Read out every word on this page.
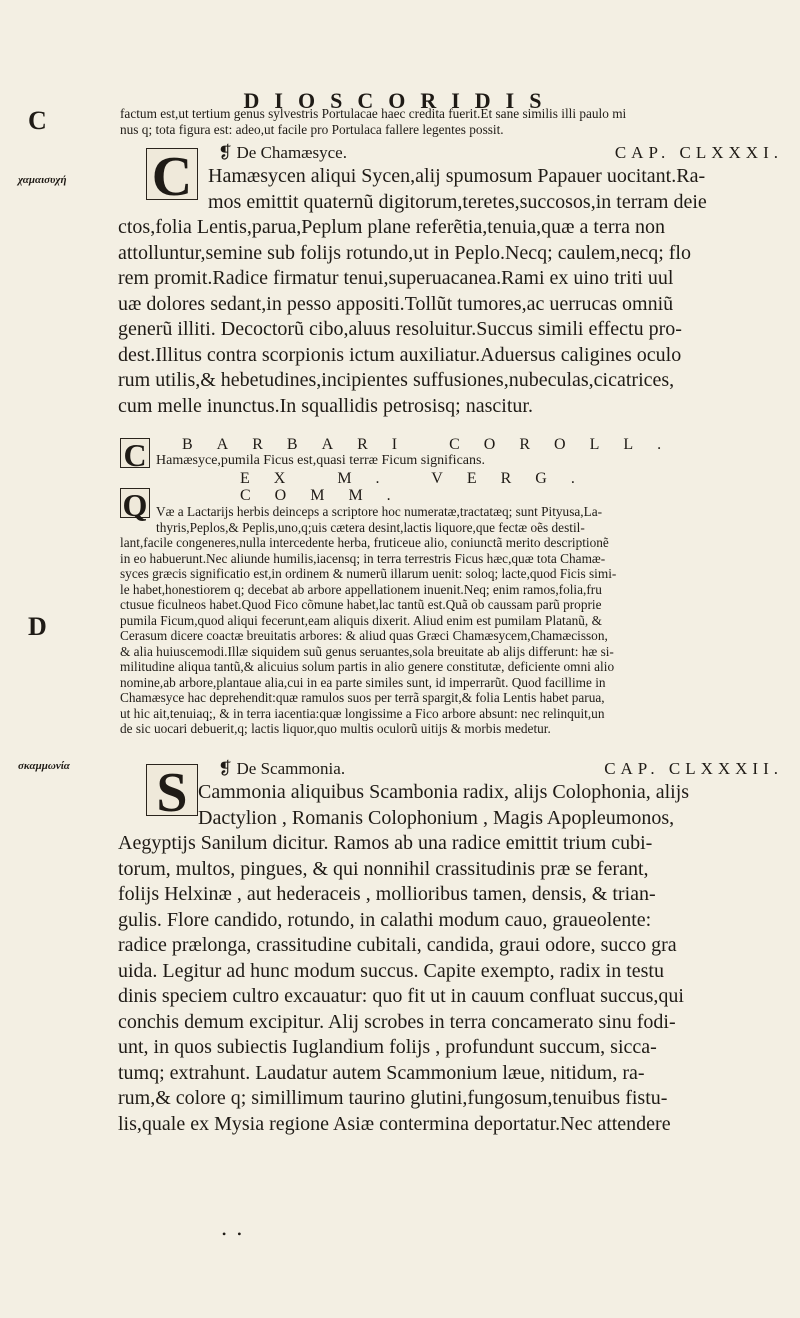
DIOSCORIDIS
C
χαμαισυχή
D
σκαμμωνία
factum est,ut tertium genus sylvestris Portulacae haec credita fuerit.Et sane similis illi paulo mi
nus q; tota figura est: adeo,ut facile pro Portulaca fallere legentes possit.
❡ De Chamæsyce.	CAP. CLXXXI.
C Hamæsycen aliqui Sycen,alij spumosum Papauer uocitant.Ra-
mos emittit quaternũ digitorum,teretes,succosos,in terram deie
ctos,folia Lentis,parua,Peplum plane referẽtia,tenuia,quæ a terra non
attolluntur,semine sub folijs rotundo,ut in Peplo.Necq; caulem,necq; flo
rem promit.Radice firmatur tenui,superuacanea.Rami ex uino triti uul
uæ dolores sedant,in pesso appositi.Tollũt tumores,ac uerrucas omniũ
generũ illiti. Decoctorũ cibo,aluus resoluitur.Succus simili effectu pro-
dest.Illitus contra scorpionis ictum auxiliatur.Aduersus caligines oculo
rum utilis,& hebetudines,incipientes suffusiones,nubeculas,cicatrices,
cum melle inunctus.In squallidis petrosisq; nascitur.
C	BARBARI COROLL.
Hamæsyce,pumila Ficus est,quasi terræ Ficum significans.
EX M. VERG. COMM.
Q Væ a Lactarijs herbis deinceps a scriptore hoc numeratæ,tractatæq; sunt Pityusa,La-
thyris,Peplos,& Peplis,uno,q;uis cætera desint,lactis liquore,que fectæ oẽs destil-
lant,facile congeneres,nulla intercedente herba, fruticeue alio, coniunctã merito descriptionẽ
in eo habuerunt.Nec aliunde humilis,iacensq; in terra terrestris Ficus hæc,quæ tota Chamæ-
syces græcis significatio est,in ordinem & numerũ illarum uenit: soloq; lacte,quod Ficis simi-
le habet,honestiorem q; decebat ab arbore appellationem inuenit.Neq; enim ramos,folia,fru
ctusue ficulneos habet.Quod Fico cõmune habet,lac tantũ est.Quã ob caussam parũ proprie
pumila Ficum,quod aliqui fecerunt,eam aliquis dixerit. Aliud enim est pumilam Platanũ, &
Cerasum dicere coactæ breuitatis arbores: & aliud quas Græci Chamæsycem,Chamæcisson,
& alia huiuscemodi.Illæ siquidem suũ genus seruantes,sola breuitate ab alijs differunt: hæ si-
militudine aliqua tantũ,& alicuius solum partis in alio genere constitutæ, deficiente omni alio
nomine,ab arbore,plantaue alia,cui in ea parte similes sunt, id imperrarũt. Quod facillime in
Chamæsyce hac deprehendit:quæ ramulos suos per terrã spargit,& folia Lentis habet parua,
ut hic ait,tenuiaq;, & in terra iacentia:quæ longissime a Fico arbore absunt: nec relinquit,un
de sic uocari debuerit,q; lactis liquor,quo multis oculorũ uitijs & morbis medetur.
❡ De Scammonia.	CAP. CLXXXII.
S Cammonia aliquibus Scambonia radix, alijs Colophonia, alijs
Dactylion , Romanis Colophonium , Magis Apopleumonos,
Aegyptijs Sanilum dicitur. Ramos ab una radice emittit trium cubi-
torum, multos, pingues, & qui nonnihil crassitudinis præ se ferant,
folijs Helxinæ , aut hederaceis , mollioribus tamen, densis, & trian-
gulis. Flore candido, rotundo, in calathi modum cauo, graueolente:
radice prælonga, crassitudine cubitali, candida, graui odore, succo gra
uida. Legitur ad hunc modum succus. Capite exempto, radix in testu
dinis speciem cultro excauatur: quo fit ut in cauum confluat succus,qui
conchis demum excipitur. Alij scrobes in terra concamerato sinu fodi-
unt, in quos subiectis Iuglandium folijs , profundunt succum, sicca-
tumq; extrahunt. Laudatur autem Scammonium læue, nitidum, ra-
rum,& colore q; simillimum taurino glutini,fungosum,tenuibus fistu-
lis,quale ex Mysia regione Asiæ contermina deportatur.Nec attendere
• •
